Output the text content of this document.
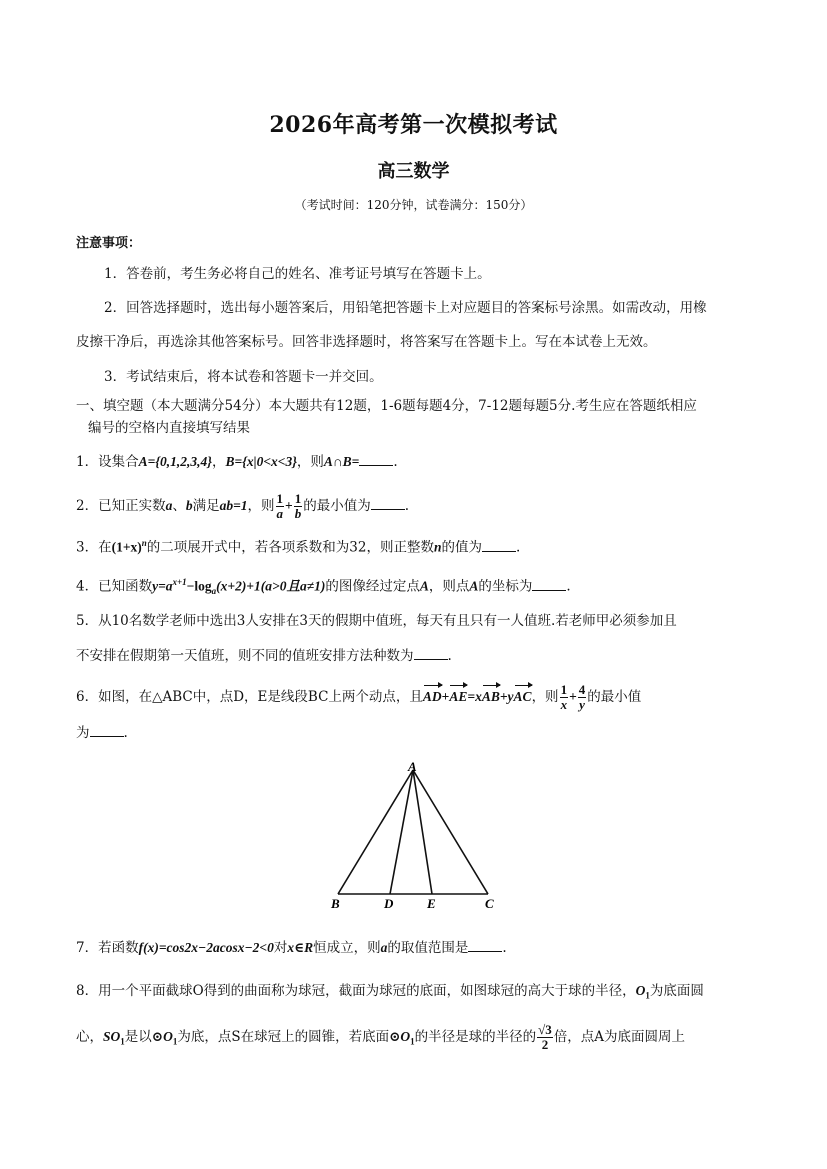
2026年高考第一次模拟考试
高三数学
（考试时间：120分钟，试卷满分：150分）
注意事项：
1．答卷前，考生务必将自己的姓名、准考证号填写在答题卡上。
2．回答选择题时，选出每小题答案后，用铅笔把答题卡上对应题目的答案标号涂黑。如需改动，用橡
皮擦干净后，再选涂其他答案标号。回答非选择题时，将答案写在答题卡上。写在本试卷上无效。
3．考试结束后，将本试卷和答题卡一并交回。
一、填空题（本大题满分54分）本大题共有12题，1-6题每题4分，7-12题每题5分.考生应在答题纸相应
编号的空格内直接填写结果
1．设集合A={0,1,2,3,4}，B={x|0<x<3}，则A∩B=	.
2．已知正实数a、b满足ab=1，则 $\frac{1}{a} + \frac{1}{b}$ 的最小值为	.
3．在$(1+x)^n$的二项展开式中，若各项系数和为32，则正整数n的值为	.
4．已知函数$y=a^{x+1}-\log_a(x+2)+1(a>0$且a≠1)的图像经过定点A，则点A的坐标为	.
5．从10名数学老师中选出3人安排在3天的假期中值班，每天有且只有一人值班.若老师甲必须参加且
不安排在假期第一天值班，则不同的值班安排方法种数为	.
6．如图，在△ABC中，点D，E是线段BC上两个动点，且AD+AE=xAB+yAC，则 $\frac{1}{x} + \frac{4}{y}$ 的最小值
为	.
A
B	D	E	C
7．若函数f(x)=cos2x−2acosx−2<0对x∈R恒成立，则a的取值范围是	.
8．用一个平面截球O得到的曲面称为球冠，截面为球冠的底面，如图球冠的高大于球的半径，$O_1$为底面圆
心，$SO_1$是以$⊙O_1$为底，点S在球冠上的圆锥，若底面$⊙O_1$的半径是球的半径的 $\frac{√3}{2}$ 倍，点A为底面圆周上
